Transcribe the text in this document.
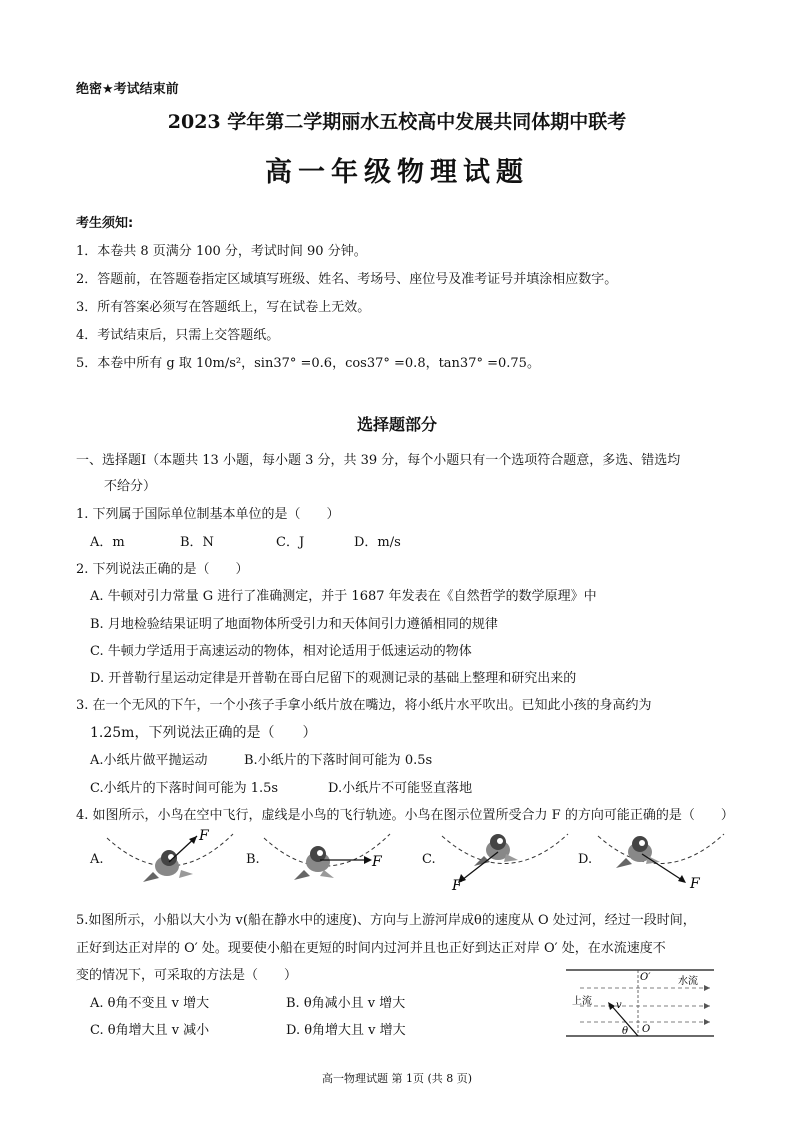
绝密★考试结束前
2023 学年第二学期丽水五校高中发展共同体期中联考
高一年级物理试题
考生须知:
1．本卷共 8 页满分 100 分，考试时间 90 分钟。
2．答题前，在答题卷指定区域填写班级、姓名、考场号、座位号及准考证号并填涂相应数字。
3．所有答案必须写在答题纸上，写在试卷上无效。
4．考试结束后，只需上交答题纸。
5．本卷中所有 g 取 10m/s²，sin37° =0.6，cos37° =0.8，tan37° =0.75。
选择题部分
一、选择题Ⅰ（本题共 13 小题，每小题 3 分，共 39 分，每个小题只有一个选项符合题意，多选、错选均
不给分）
1. 下列属于国际单位制基本单位的是（　　）
A．m	B．N	C．J	D．m/s
2. 下列说法正确的是（　　）
A. 牛顿对引力常量 G 进行了准确测定，并于 1687 年发表在《自然哲学的数学原理》中
B. 月地检验结果证明了地面物体所受引力和天体间引力遵循相同的规律
C. 牛顿力学适用于高速运动的物体，相对论适用于低速运动的物体
D. 开普勒行星运动定律是开普勒在哥白尼留下的观测记录的基础上整理和研究出来的
3. 在一个无风的下午，一个小孩子手拿小纸片放在嘴边，将小纸片水平吹出。已知此小孩的身高约为
1.25m，下列说法正确的是（　　）
A.小纸片做平抛运动	B.小纸片的下落时间可能为 0.5s
C.小纸片的下落时间可能为 1.5s	D.小纸片不可能竖直落地
4. 如图所示，小鸟在空中飞行，虚线是小鸟的飞行轨迹。小鸟在图示位置所受合力 F 的方向可能正确的是（　　）
A.
F
B.	F	C.
F
D.
F
5.如图所示，小船以大小为 v(船在静水中的速度)、方向与上游河岸成θ的速度从 O 处过河，经过一段时间，
正好到达正对岸的 O′ 处。现要使小船在更短的时间内过河并且也正好到达正对岸 O′ 处，在水流速度不
变的情况下，可采取的方法是（　　）
A. θ角不变且 v 增大	B. θ角减小且 v 增大
C. θ角增大且 v 减小	D. θ角增大且 v 增大
O′	水流
上流 v
θ O
高一物理试题 第 1页 (共 8 页)
